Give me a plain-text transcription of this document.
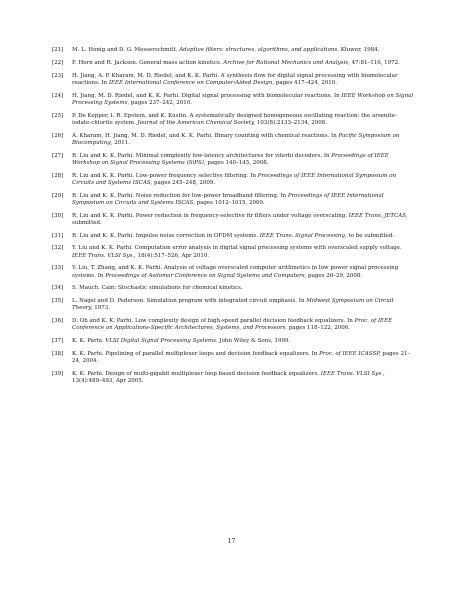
[21] M. L. Honig and D. G. Messerschmitt. Adaptive filters: structures, algorithms, and applications. Kluwer, 1984.
[22] F. Horn and R. Jackson. General mass action kinetics. Archive for Rational Mechanics and Analysis, 47:81–116, 1972.
[23] H. Jiang, A. P. Kharam, M. D. Riedel, and K. K. Parhi. A synthesis flow for digital signal processing with biomolecular reactions. In IEEE International Conference on Computer-Aided Design, pages 417–424, 2010.
[24] H. Jiang, M. D. Riedel, and K. K. Parhi. Digital signal processing with biomolecular reactions. In IEEE Workshop on Signal Processing Systems, pages 237–242, 2010.
[25] P. De Kepper, I. R. Epstein, and K. Kustin. A systematically designed homogeneous oscillating reaction: the arsenite-iodate-chlorite system. Journal of the American Chemical Society, 103(8):2133–2134, 2008.
[26] A. Kharam, H. Jiang, M. D. Riedel, and K. K. Parhi. Binary counting with chemical reactions. In Pacific Symposium on Biocomputing, 2011.
[27] R. Liu and K. K. Parhi. Minimal complexity low-latency architectures for viterbi decoders. In Proceedings of IEEE Workshop on Signal Processing Systems (SiPS), pages 140–145, 2008.
[28] R. Liu and K. K. Parhi. Low-power frequency selective filtering. In Proceedings of IEEE International Symposium on Circuits and Systems ISCAS, pages 245–248, 2009.
[29] R. Liu and K. K. Parhi. Noise reduction for low-power broadband filtering. In Proceedings of IEEE International Symposium on Circuits and Systems ISCAS, pages 1012–1015, 2009.
[30] R. Liu and K. K. Parhi. Power reduction in frequency-selective fir filters under voltage overscaling. IEEE Trans. JETCAS, submitted.
[31] R. Liu and K. K. Parhi. Impulse noise correction in OFDM systems. IEEE Trans. Signal Processing, to be submitted.
[32] Y. Liu and K. K. Parhi. Computation error analysis in digital signal processing systems with overscaled supply voltage. IEEE Trans. VLSI Sys., 18(4):517–526, Apr 2010.
[33] Y. Liu, T. Zhang, and K. K. Parhi. Analysis of voltage overscaled computer arithmetics in low power signal processing systems. In Proceedings of Asilomar Conference on Signal Systems and Computers, pages 26–29, 2008.
[34] S. Mauch. Cain: Stochastic simulations for chemical kinetics.
[35] L. Nagel and D. Pederson. Simulation program with integrated circuit emphasis. In Midwest Symposium on Circuit Theory, 1973.
[36] D. Oh and K. K. Parhi. Low complexity design of high-speed parallel decision feedback equalizers. In Proc. of IEEE Conference on Applications-Specific Architectures, Systems, and Processors, pages 118–122, 2006.
[37] K. K. Parhi. VLSI Digital Signal Processing Systems. John Wiley & Sons, 1999.
[38] K. K. Parhi. Pipelining of parallel multiplexer loops and decision feedback equalizers. In Proc. of IEEE ICASSP, pages 21–24, 2004.
[39] K. K. Parhi. Design of multi-gigabit multiplexer loop based decision feedback equalizers. IEEE Trans. VLSI Sys., 13(4):489–493, Apr 2005.
17
